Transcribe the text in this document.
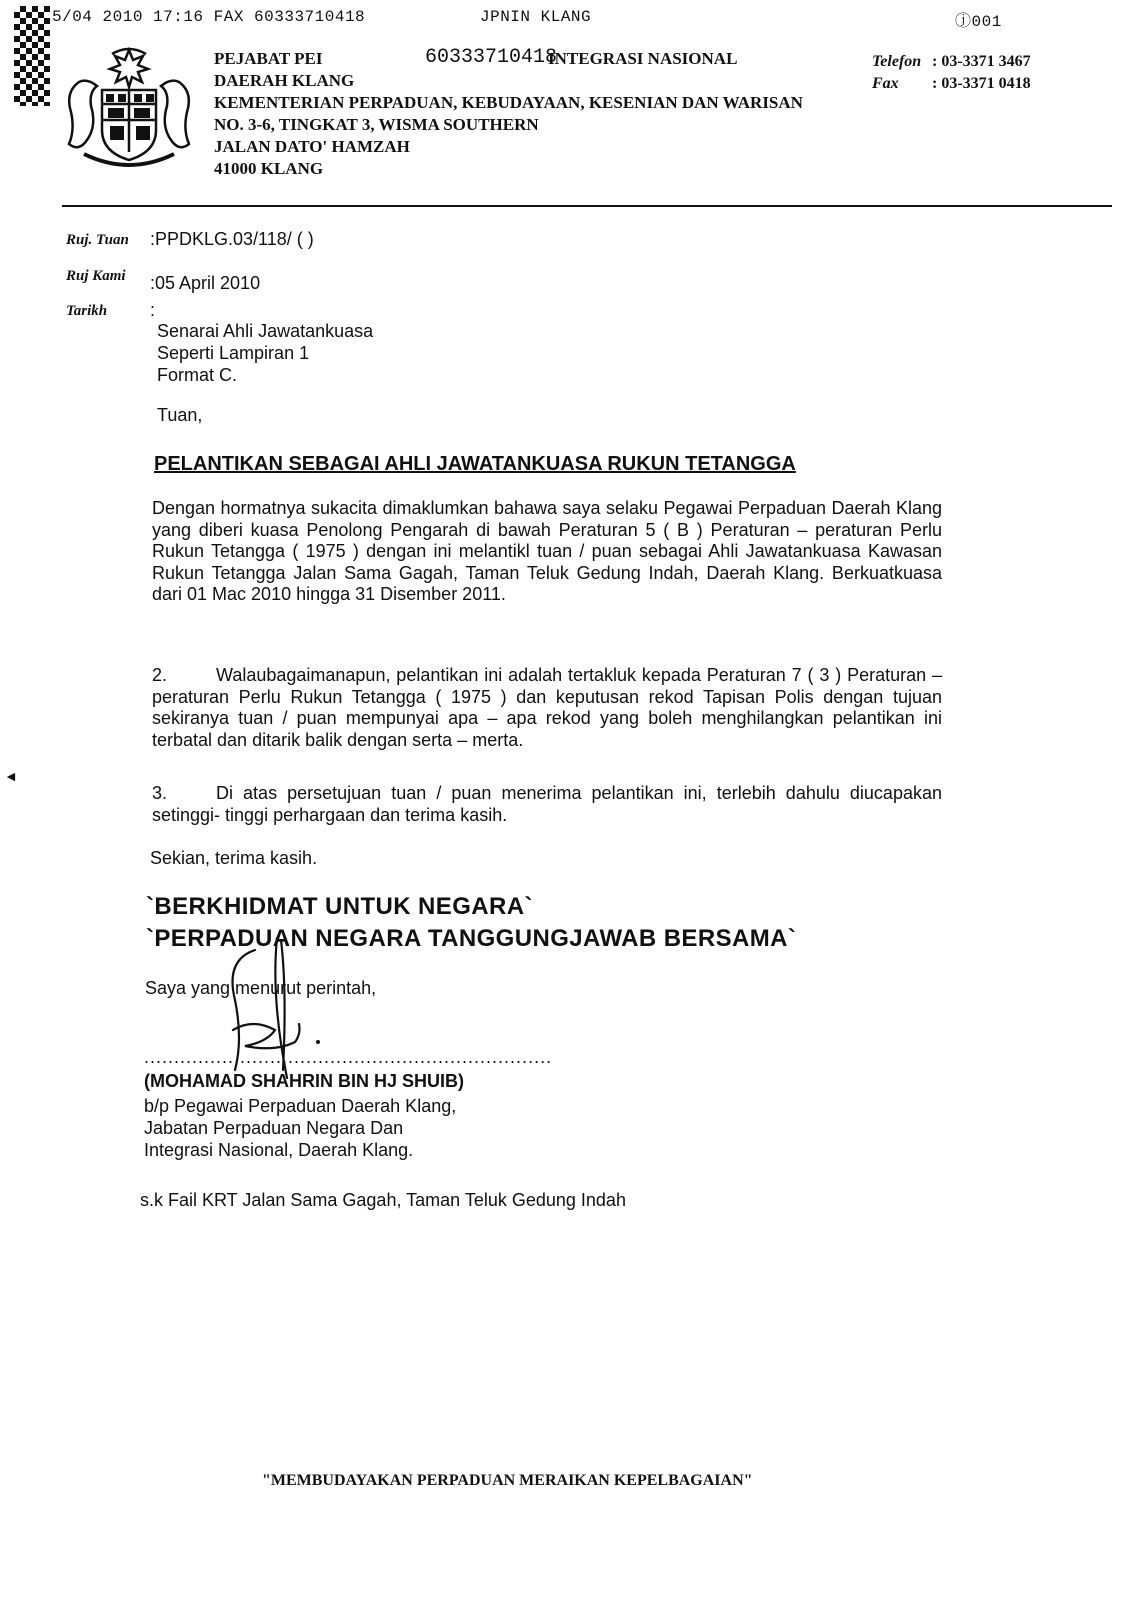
5/04 2010 17:16 FAX 60333710418	JPNIN KLANG	ⓙ001
PEJABAT PEI	60333710418
INTEGRASI NASIONAL
DAERAH KLANG
KEMENTERIAN PERPADUAN, KEBUDAYAAN, KESENIAN DAN WARISAN
NO. 3-6, TINGKAT 3, WISMA SOUTHERN
JALAN DATO' HAMZAH
41000 KLANG
Telefon : 03-3371 3467
Fax : 03-3371 0418
Ruj. Tuan :PPDKLG.03/118/ ( )
Ruj Kami :05 April 2010
Tarikh :
Senarai Ahli Jawatankuasa
Seperti Lampiran 1
Format C.
Tuan,
PELANTIKAN SEBAGAI AHLI JAWATANKUASA RUKUN TETANGGA
Dengan hormatnya sukacita dimaklumkan bahawa saya selaku Pegawai Perpaduan Daerah Klang yang diberi kuasa Penolong Pengarah di bawah Peraturan 5 ( B ) Peraturan – peraturan Perlu Rukun Tetangga ( 1975 ) dengan ini melantikl tuan / puan sebagai Ahli Jawatankuasa Kawasan Rukun Tetangga Jalan Sama Gagah, Taman Teluk Gedung Indah, Daerah Klang. Berkuatkuasa dari 01 Mac 2010 hingga 31 Disember 2011.
2.	Walaubagaimanapun, pelantikan ini adalah tertakluk kepada Peraturan 7 ( 3 ) Peraturan – peraturan Perlu Rukun Tetangga ( 1975 ) dan keputusan rekod Tapisan Polis dengan tujuan sekiranya tuan / puan mempunyai apa – apa rekod yang boleh menghilangkan pelantikan ini terbatal dan ditarik balik dengan serta – merta.
3.	Di atas persetujuan tuan / puan menerima pelantikan ini, terlebih dahulu diucapakan setinggi- tinggi perhargaan dan terima kasih.
Sekian, terima kasih.
`BERKHIDMAT UNTUK NEGARA`
`PERPADUAN NEGARA TANGGUNGJAWAB BERSAMA`
Saya yang menurut perintah,
....................................................................
(MOHAMAD SHAHRIN BIN HJ SHUIB)
b/p Pegawai Perpaduan Daerah Klang,
Jabatan Perpaduan Negara Dan
Integrasi Nasional, Daerah Klang.
s.k Fail KRT Jalan Sama Gagah, Taman Teluk Gedung Indah
◄
"MEMBUDAYAKAN PERPADUAN MERAIKAN KEPELBAGAIAN"
